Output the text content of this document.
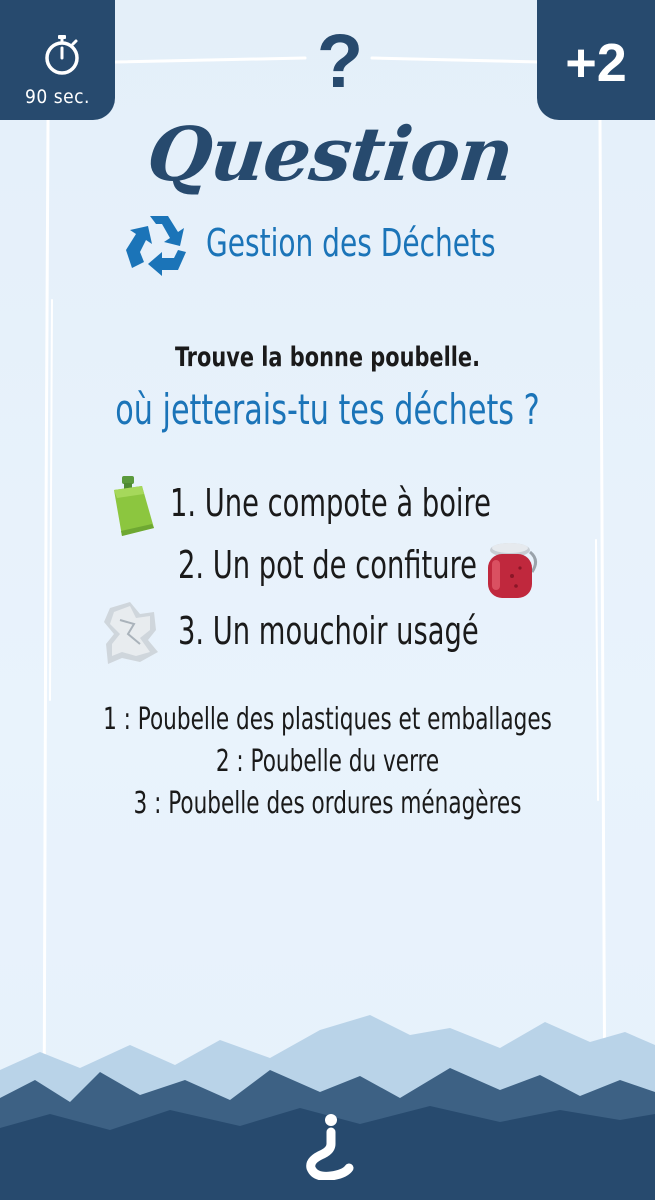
90 sec.
+2
?
Question
Gestion des Déchets
Trouve la bonne poubelle.
où jetterais-tu tes déchets ?
1. Une compote à boire
2. Un pot de confiture
3. Un mouchoir usagé
1 : Poubelle des plastiques et emballages
2 : Poubelle du verre
3 : Poubelle des ordures ménagères
